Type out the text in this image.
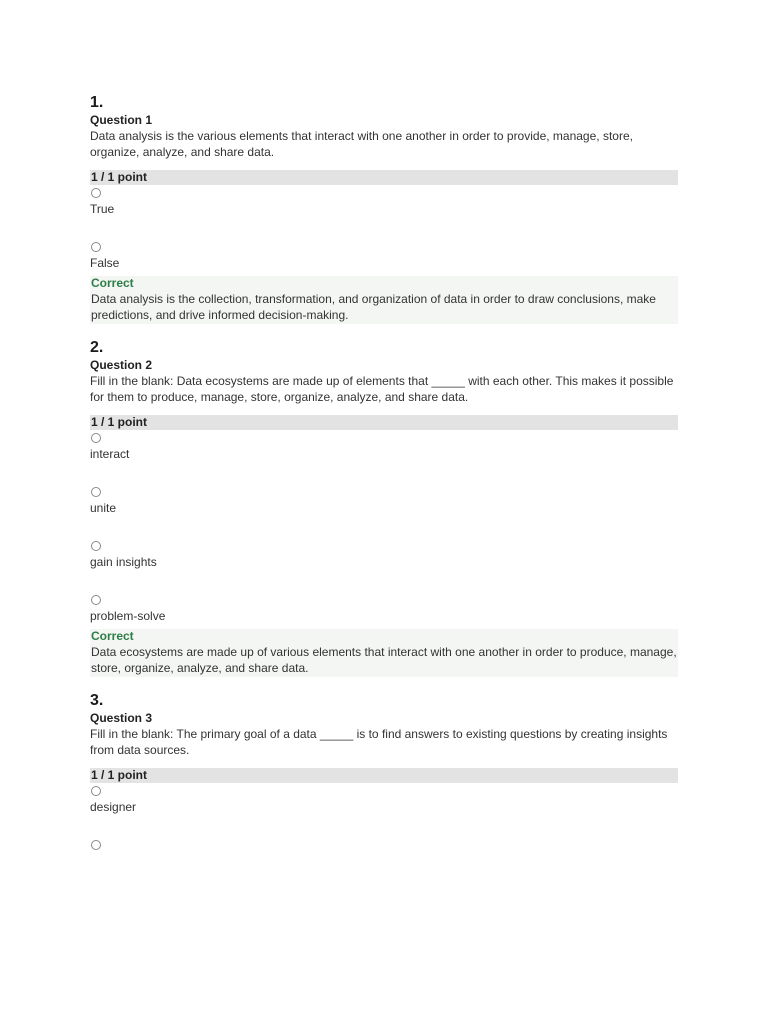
1.
Question 1
Data analysis is the various elements that interact with one another in order to provide, manage, store, organize, analyze, and share data.
1 / 1 point
True
False
Correct
Data analysis is the collection, transformation, and organization of data in order to draw conclusions, make predictions, and drive informed decision-making.
2.
Question 2
Fill in the blank: Data ecosystems are made up of elements that _____ with each other. This makes it possible for them to produce, manage, store, organize, analyze, and share data.
1 / 1 point
interact
unite
gain insights
problem-solve
Correct
Data ecosystems are made up of various elements that interact with one another in order to produce, manage, store, organize, analyze, and share data.
3.
Question 3
Fill in the blank: The primary goal of a data _____ is to find answers to existing questions by creating insights from data sources.
1 / 1 point
designer
